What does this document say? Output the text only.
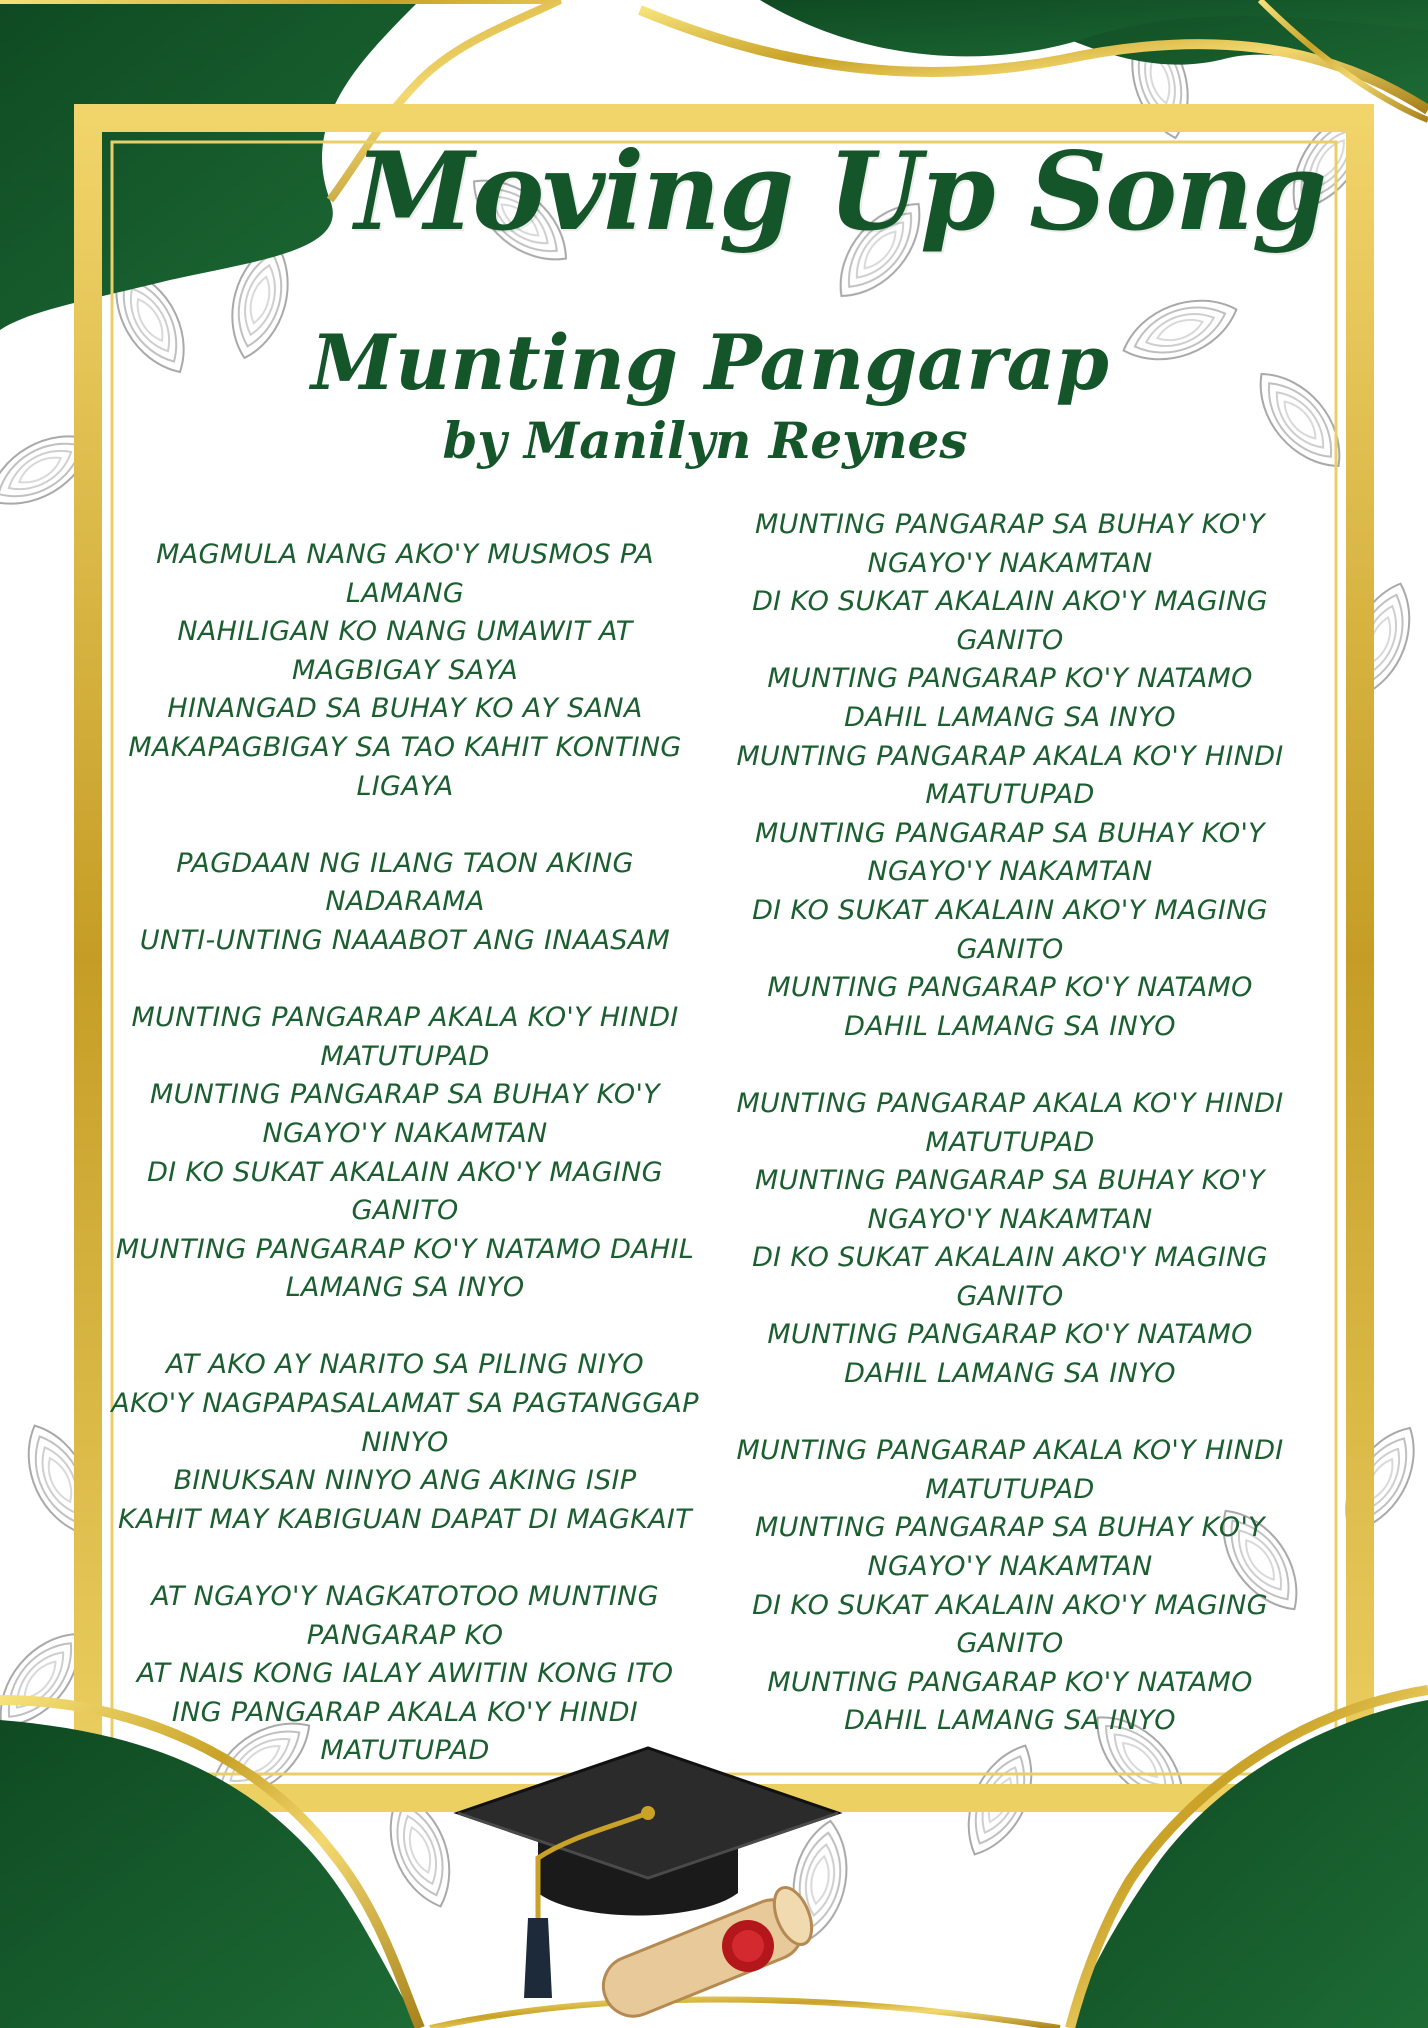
Moving Up Song
Munting Pangarap
by Manilyn Reynes
MAGMULA NANG AKO'Y MUSMOS PA
LAMANG
NAHILIGAN KO NANG UMAWIT AT
MAGBIGAY SAYA
HINANGAD SA BUHAY KO AY SANA
MAKAPAGBIGAY SA TAO KAHIT KONTING
LIGAYA
PAGDAAN NG ILANG TAON AKING
NADARAMA
UNTI-UNTING NAAABOT ANG INAASAM
MUNTING PANGARAP AKALA KO'Y HINDI
MATUTUPAD
MUNTING PANGARAP SA BUHAY KO'Y
NGAYO'Y NAKAMTAN
DI KO SUKAT AKALAIN AKO'Y MAGING
GANITO
MUNTING PANGARAP KO'Y NATAMO DAHIL
LAMANG SA INYO
AT AKO AY NARITO SA PILING NIYO
AKO'Y NAGPAPASALAMAT SA PAGTANGGAP
NINYO
BINUKSAN NINYO ANG AKING ISIP
KAHIT MAY KABIGUAN DAPAT DI MAGKAIT
AT NGAYO'Y NAGKATOTOO MUNTING
PANGARAP KO
AT NAIS KONG IALAY AWITIN KONG ITO
ING PANGARAP AKALA KO'Y HINDI
MATUTUPAD
MUNTING PANGARAP SA BUHAY KO'Y
NGAYO'Y NAKAMTAN
DI KO SUKAT AKALAIN AKO'Y MAGING
GANITO
MUNTING PANGARAP KO'Y NATAMO
DAHIL LAMANG SA INYO
MUNTING PANGARAP AKALA KO'Y HINDI
MATUTUPAD
MUNTING PANGARAP SA BUHAY KO'Y
NGAYO'Y NAKAMTAN
DI KO SUKAT AKALAIN AKO'Y MAGING
GANITO
MUNTING PANGARAP KO'Y NATAMO
DAHIL LAMANG SA INYO
MUNTING PANGARAP AKALA KO'Y HINDI
MATUTUPAD
MUNTING PANGARAP SA BUHAY KO'Y
NGAYO'Y NAKAMTAN
DI KO SUKAT AKALAIN AKO'Y MAGING
GANITO
MUNTING PANGARAP KO'Y NATAMO
DAHIL LAMANG SA INYO
MUNTING PANGARAP AKALA KO'Y HINDI
MATUTUPAD
MUNTING PANGARAP SA BUHAY KO'Y
NGAYO'Y NAKAMTAN
DI KO SUKAT AKALAIN AKO'Y MAGING
GANITO
MUNTING PANGARAP KO'Y NATAMO
DAHIL LAMANG SA INYO
